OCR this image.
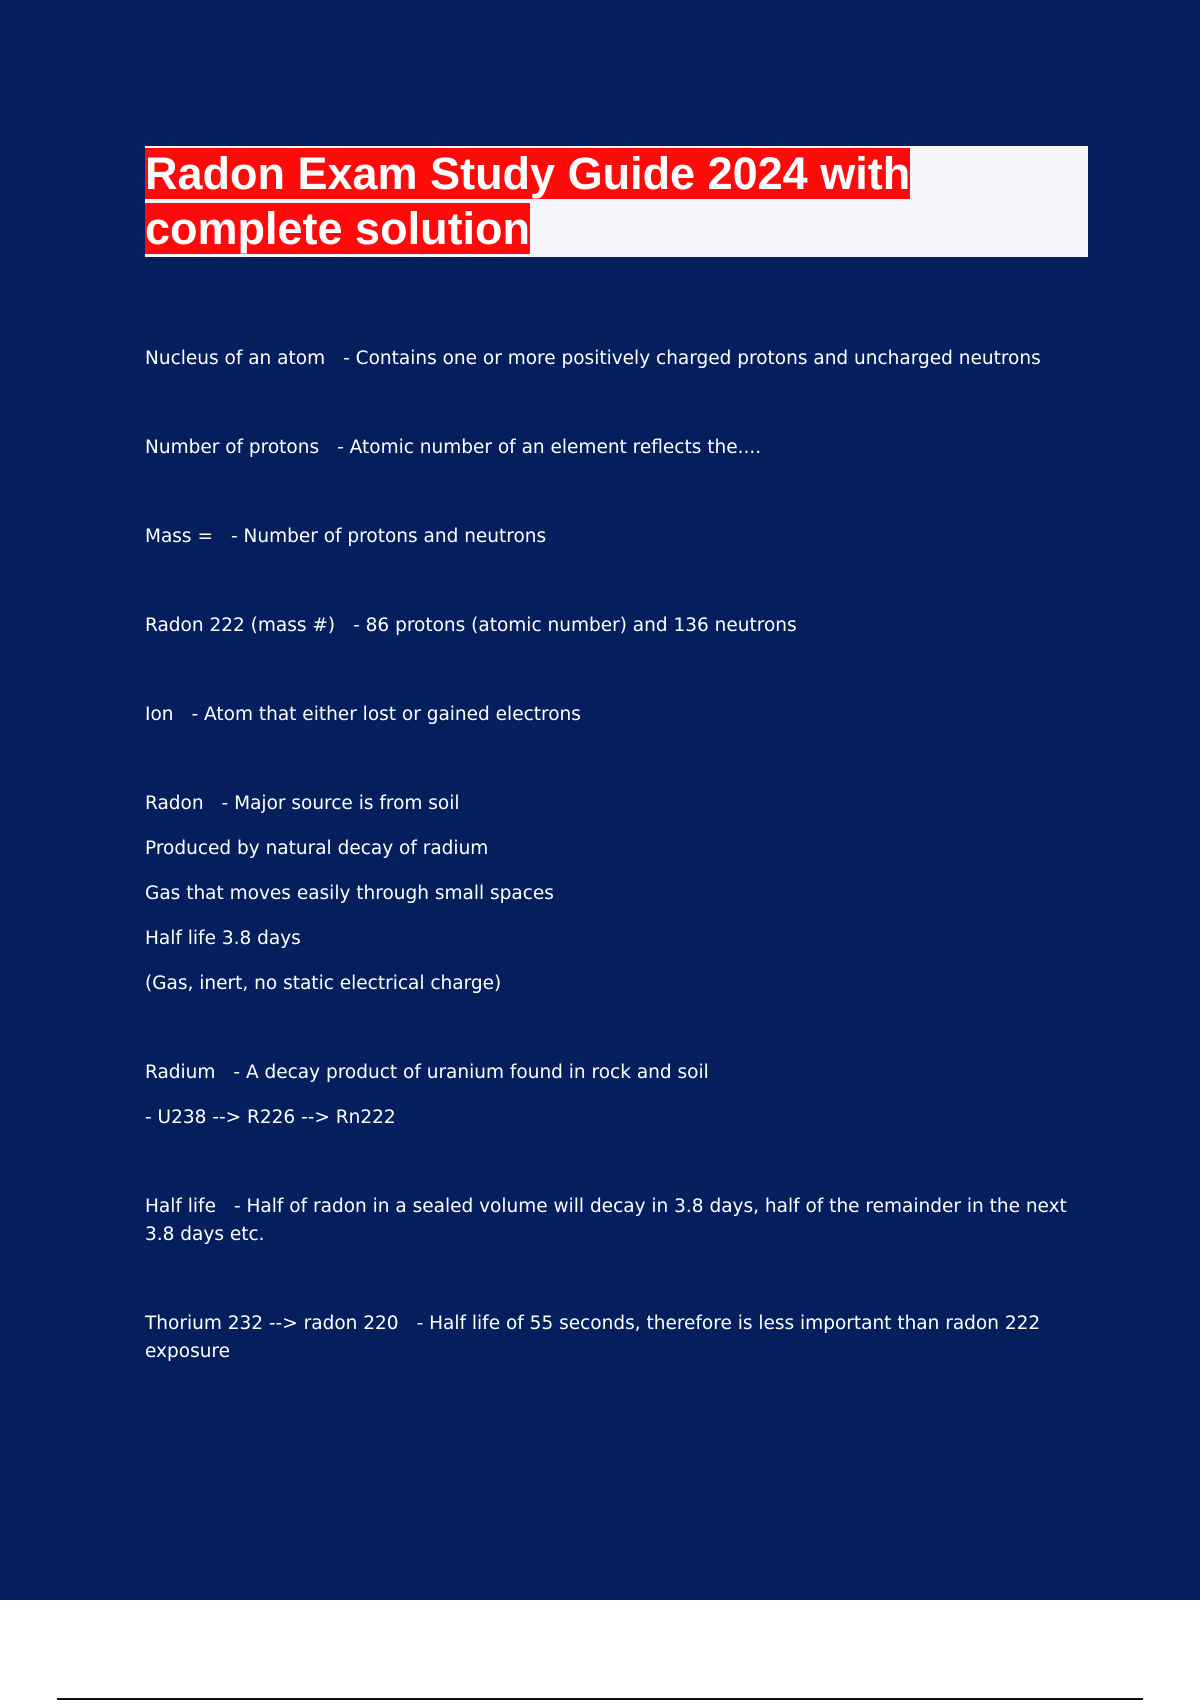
Radon Exam Study Guide 2024 with
complete solution
Nucleus of an atom - Contains one or more positively charged protons and uncharged neutrons
Number of protons - Atomic number of an element reflects the....
Mass = - Number of protons and neutrons
Radon 222 (mass #) - 86 protons (atomic number) and 136 neutrons
Ion - Atom that either lost or gained electrons
Radon - Major source is from soil
Produced by natural decay of radium
Gas that moves easily through small spaces
Half life 3.8 days
(Gas, inert, no static electrical charge)
Radium - A decay product of uranium found in rock and soil
- U238 --> R226 --> Rn222
Half life - Half of radon in a sealed volume will decay in 3.8 days, half of the remainder in the next 3.8 days etc.
Thorium 232 --> radon 220 - Half life of 55 seconds, therefore is less important than radon 222 exposure
